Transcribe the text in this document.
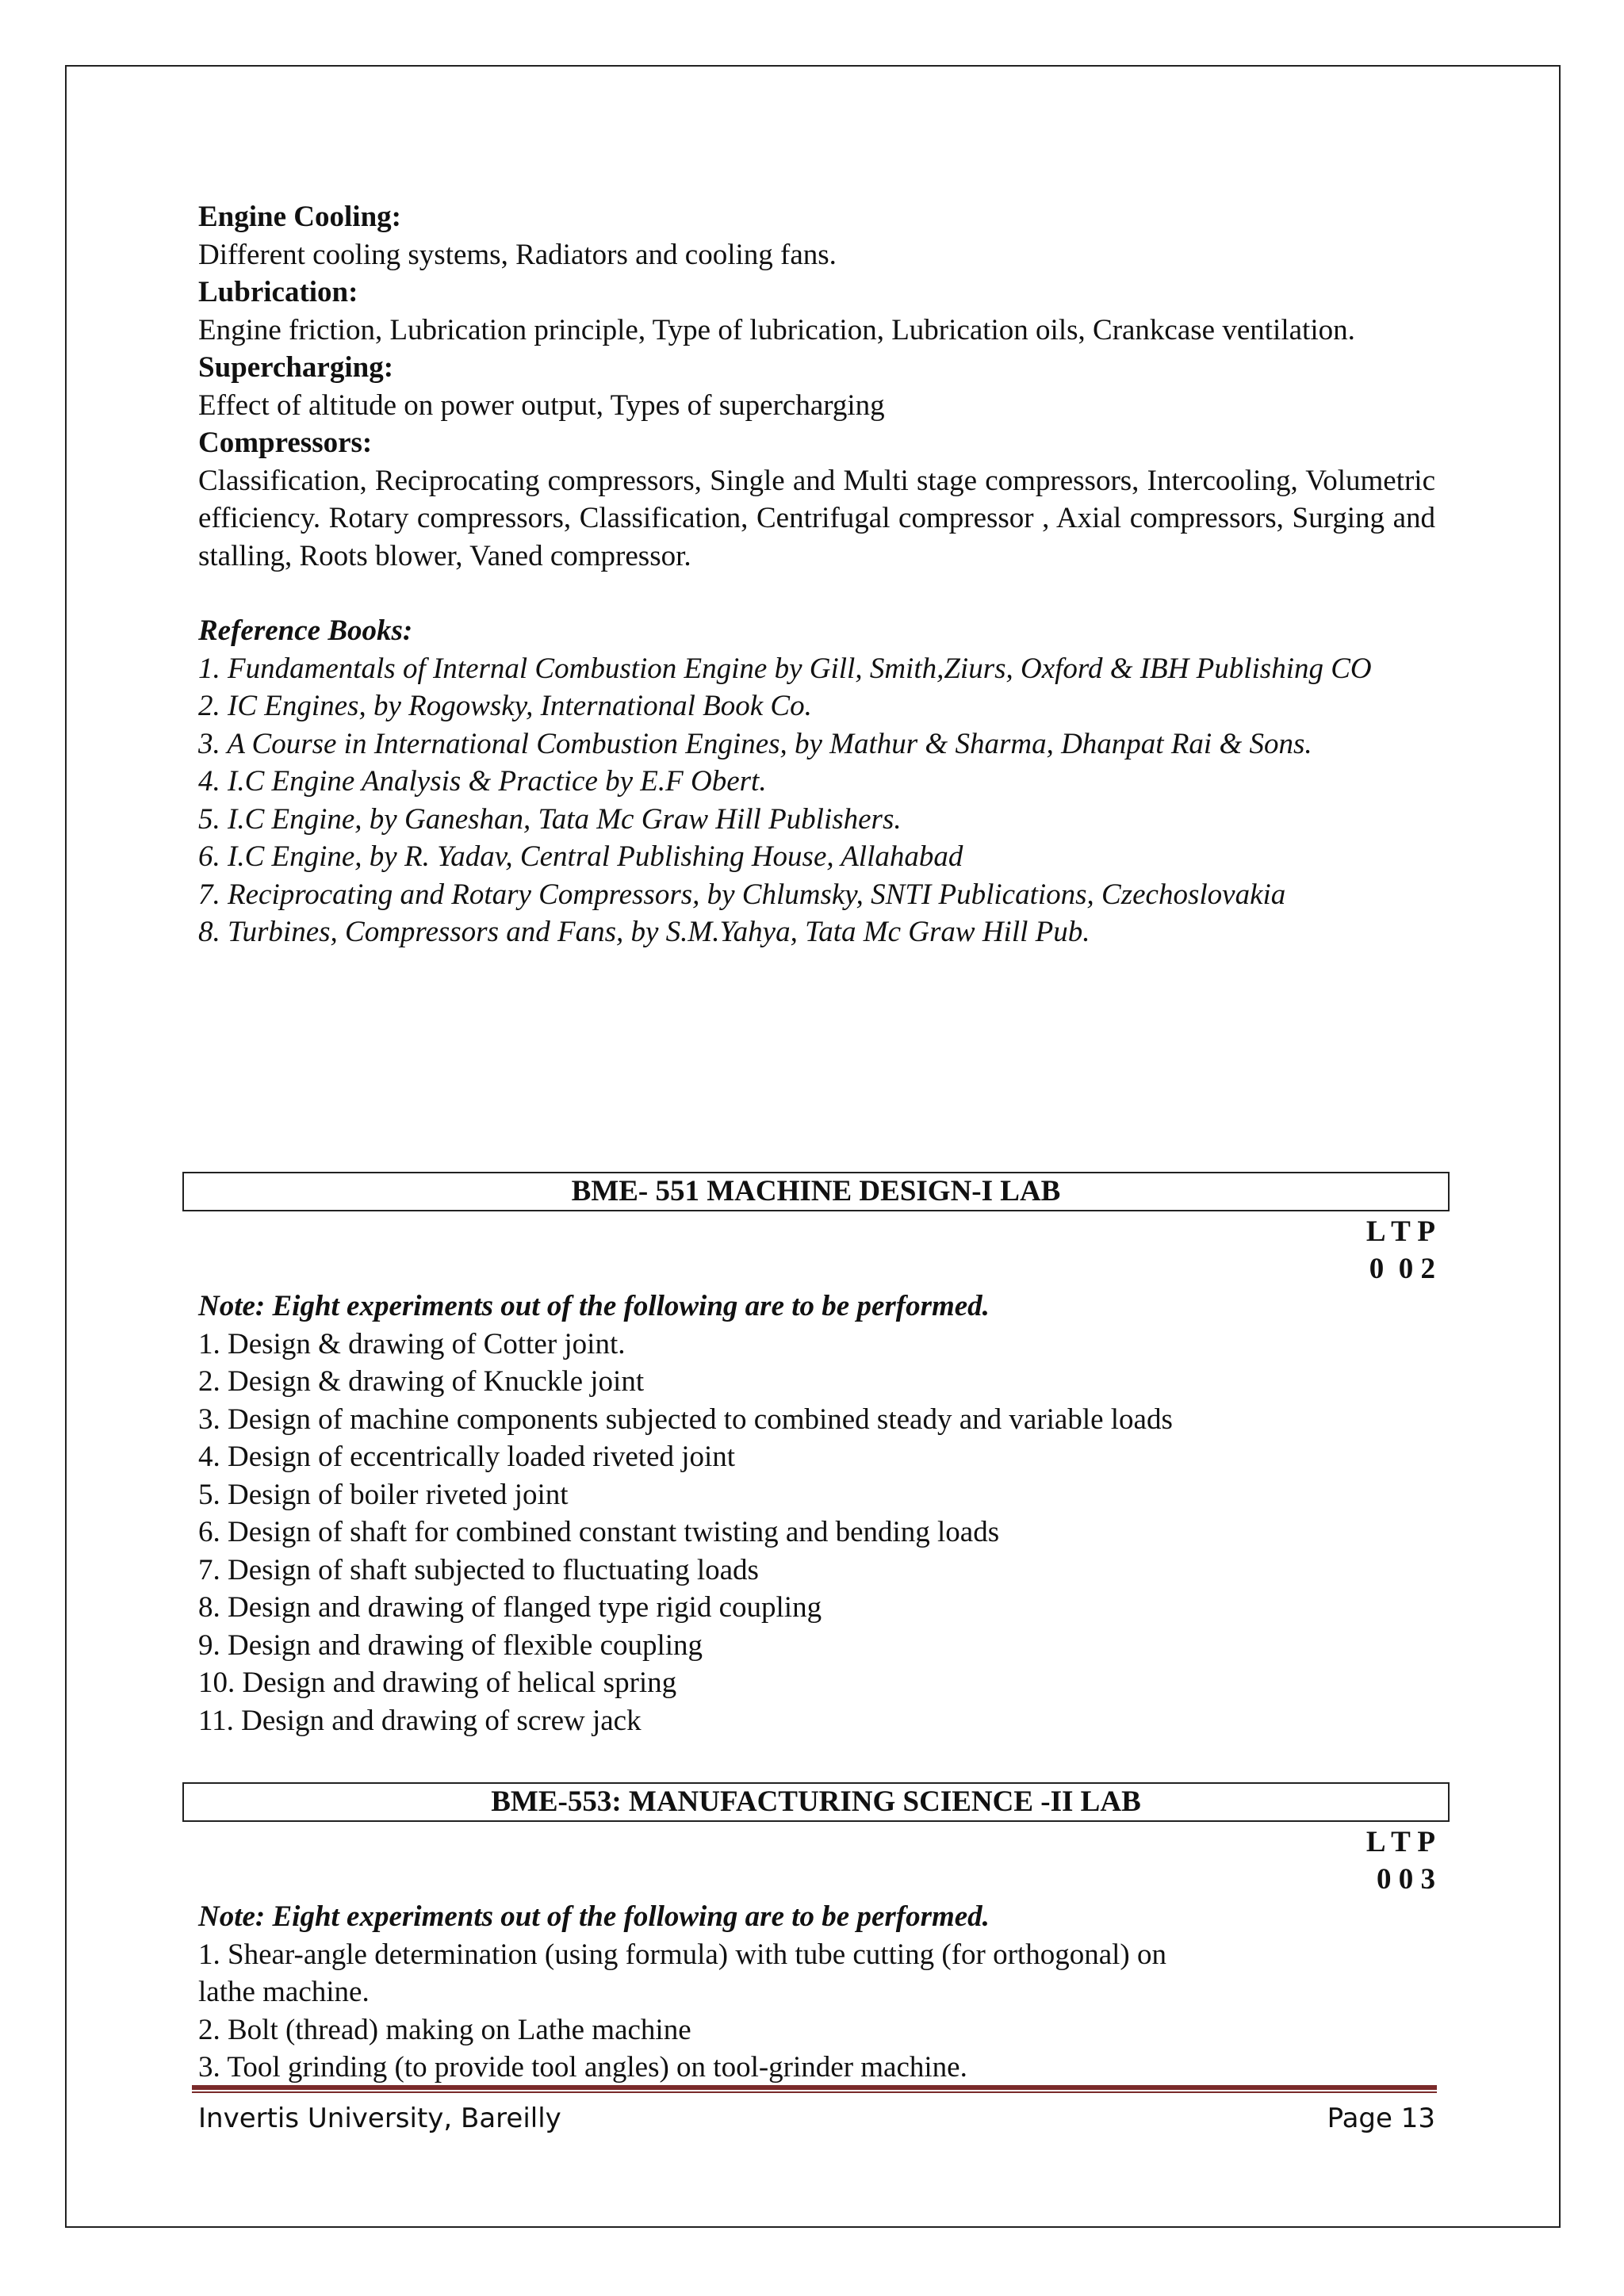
Engine Cooling:

Different cooling systems, Radiators and cooling fans.

Lubrication:

Engine friction, Lubrication principle, Type of lubrication, Lubrication oils, Crankcase ventilation.

Supercharging:

Effect of altitude on power output, Types of supercharging

Compressors:

Classification, Reciprocating compressors, Single and Multi stage compressors, Intercooling, Volumetric efficiency. Rotary compressors, Classification, Centrifugal compressor , Axial compressors, Surging and stalling, Roots blower, Vaned compressor.

Reference Books:

1. Fundamentals of Internal Combustion Engine by Gill, Smith,Ziurs, Oxford & IBH Publishing CO
2. IC Engines, by Rogowsky, International Book Co.
3. A Course in International Combustion Engines, by Mathur & Sharma, Dhanpat Rai & Sons.
4. I.C Engine Analysis & Practice by E.F Obert.
5. I.C Engine, by Ganeshan, Tata Mc Graw Hill Publishers.
6. I.C Engine, by R. Yadav, Central Publishing House, Allahabad
7. Reciprocating and Rotary Compressors, by Chlumsky, SNTI Publications, Czechoslovakia
8. Turbines, Compressors and Fans, by S.M.Yahya, Tata Mc Graw Hill Pub.
BME- 551 MACHINE DESIGN-I LAB
L T P
0  0 2

Note: Eight experiments out of the following are to be performed.

1. Design & drawing of Cotter joint.
2. Design & drawing of Knuckle joint
3. Design of machine components subjected to combined steady and variable loads
4. Design of eccentrically loaded riveted joint
5. Design of boiler riveted joint
6. Design of shaft for combined constant twisting and bending loads
7. Design of shaft subjected to fluctuating loads
8. Design and drawing of flanged type rigid coupling
9. Design and drawing of flexible coupling
10. Design and drawing of helical spring
11. Design and drawing of screw jack
BME-553: MANUFACTURING SCIENCE -II LAB
L T P
0 0 3

Note: Eight experiments out of the following are to be performed.

1. Shear-angle determination (using formula) with tube cutting (for orthogonal) on
lathe machine.
2. Bolt (thread) making on Lathe machine
3. Tool grinding (to provide tool angles) on tool-grinder machine.
Invertis University, Bareilly	Page 13
